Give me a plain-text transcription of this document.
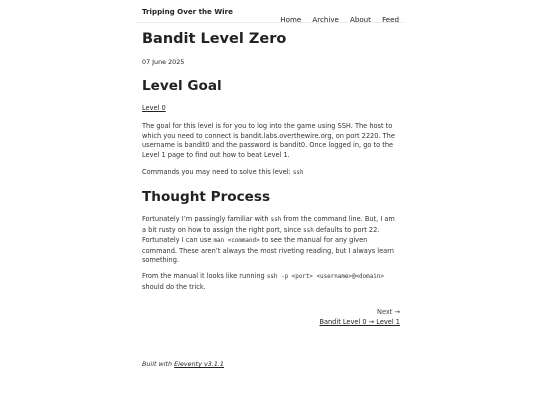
Tripping Over the Wire
Home Archive About Feed
Bandit Level Zero
07 June 2025
Level Goal

Level 0

The goal for this level is for you to log into the game using SSH. The host to which you need to connect is bandit.labs.overthewire.org, on port 2220. The username is bandit0 and the password is bandit0. Once logged in, go to the Level 1 page to find out how to beat Level 1.

Commands you may need to solve this level: ssh

Thought Process

Fortunately I’m passingly familiar with ssh from the command line. But, I am a bit rusty on how to assign the right port, since ssh defaults to port 22. Fortunately I can use man <command> to see the manual for any given command. These aren’t always the most riveting reading, but I always learn something.

From the manual it looks like running ssh -p <port> <username>@<domain> should do the trick.

Next →
Bandit Level 0 → Level 1
Built with Eleventy v3.1.1
